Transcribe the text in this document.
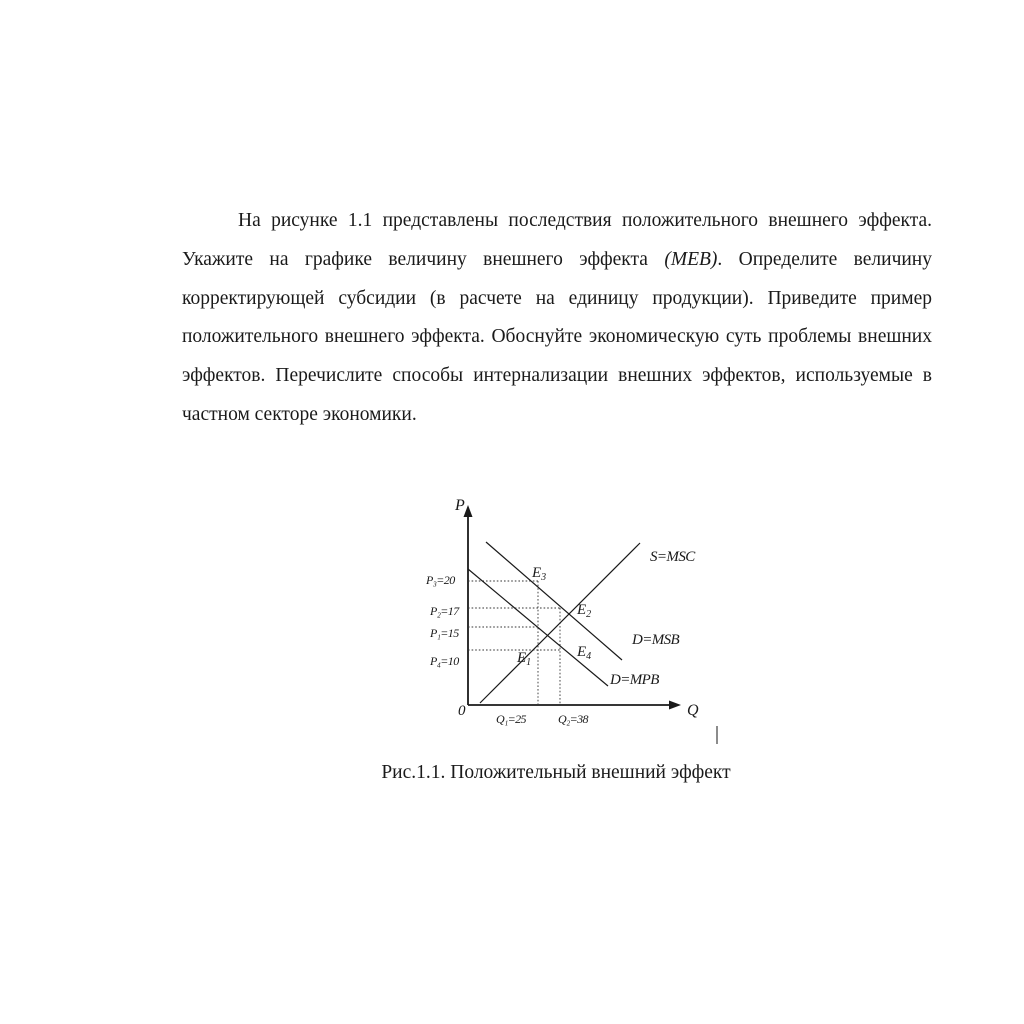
На рисунке 1.1 представлены последствия положительного внешнего эффекта. Укажите на графике величину внешнего эффекта (МЕВ). Определите величину корректирующей субсидии (в расчете на единицу продукции). Приведите пример положительного внешнего эффекта. Обоснуйте экономическую суть проблемы внешних эффектов. Перечислите способы интернализации внешних эффектов, используемые в частном секторе экономики.

P
Q
0
S=MSC
D=MSB
D=MPB
$E_3$
$E_2$
$E_4$
$E_1$
P₃=20
P₂=17
P₁=15
P₄=10
Q₁=25	Q₂=38

Рис.1.1. Положительный внешний эффект
